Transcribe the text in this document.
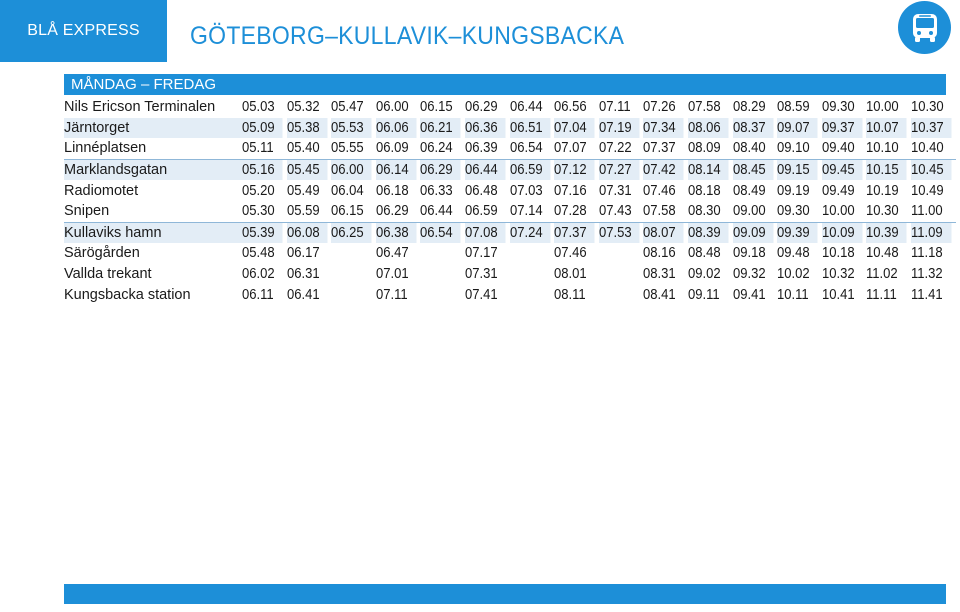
BLÅ EXPRESS	GÖTEBORG–KULLAVIK–KUNGSBACKA
MÅNDAG – FREDAG
Nils Ericson Terminalen	05.03	05.32	05.47	06.00	06.15	06.29	06.44	06.56	07.11	07.26	07.58	08.29	08.59	09.30	10.00	10.30
Järntorget	05.09	05.38	05.53	06.06	06.21	06.36	06.51	07.04	07.19	07.34	08.06	08.37	09.07	09.37	10.07	10.37
Linnéplatsen	05.11	05.40	05.55	06.09	06.24	06.39	06.54	07.07	07.22	07.37	08.09	08.40	09.10	09.40	10.10	10.40
Marklandsgatan	05.16	05.45	06.00	06.14	06.29	06.44	06.59	07.12	07.27	07.42	08.14	08.45	09.15	09.45	10.15	10.45
Radiomotet	05.20	05.49	06.04	06.18	06.33	06.48	07.03	07.16	07.31	07.46	08.18	08.49	09.19	09.49	10.19	10.49
Snipen	05.30	05.59	06.15	06.29	06.44	06.59	07.14	07.28	07.43	07.58	08.30	09.00	09.30	10.00	10.30	11.00
Kullaviks hamn	05.39	06.08	06.25	06.38	06.54	07.08	07.24	07.37	07.53	08.07	08.39	09.09	09.39	10.09	10.39	11.09
Särögården	05.48	06.17		06.47		07.17		07.46		08.16	08.48	09.18	09.48	10.18	10.48	11.18
Vallda trekant	06.02	06.31		07.01		07.31		08.01		08.31	09.02	09.32	10.02	10.32	11.02	11.32
Kungsbacka station	06.11	06.41		07.11		07.41		08.11		08.41	09.11	09.41	10.11	10.41	11.11	11.41
